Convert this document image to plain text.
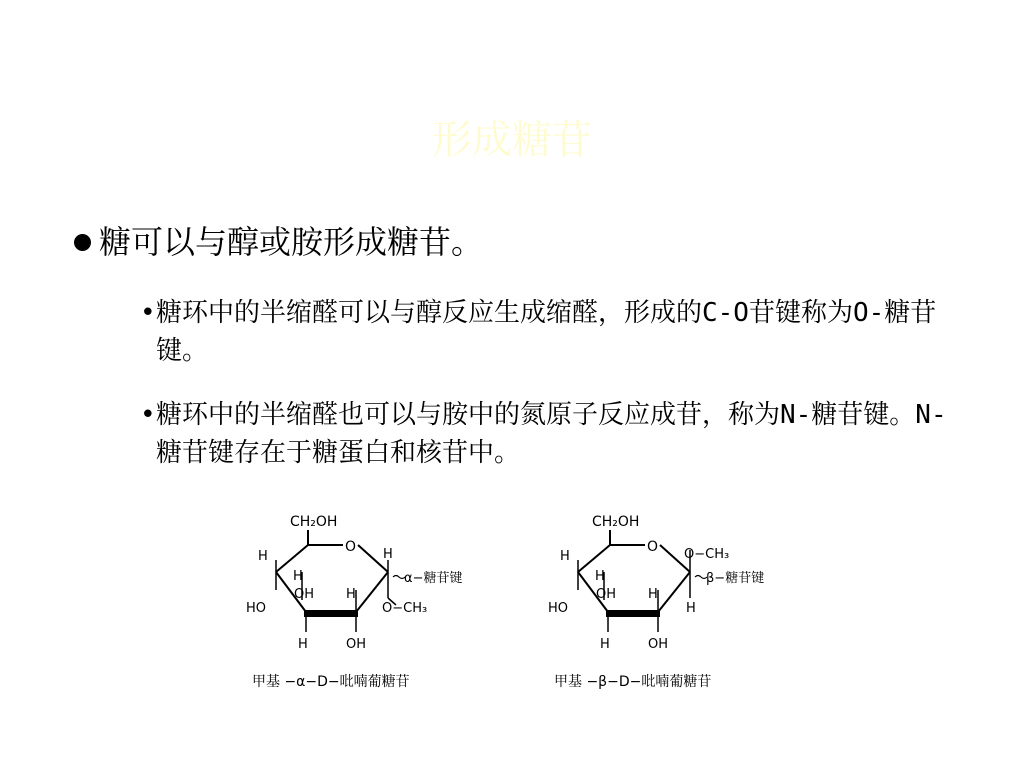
形成糖苷
糖可以与醇或胺形成糖苷。
• 糖环中的半缩醛可以与醇反应生成缩醛，形成的C-O苷键称为O-糖苷键。
• 糖环中的半缩醛也可以与胺中的氮原子反应成苷，称为N-糖苷键。N-糖苷键存在于糖蛋白和核苷中。
CH₂OH
O
H
H
H
OH H
HO	O−CH₃
α−糖苷键
H	OH
甲基 −α−D−吡喃葡糖苷
CH₂OH
O
H
H
O−CH₃
β−糖苷键
OH H
H
HO
H	OH
甲基 −β−D−吡喃葡糖苷
